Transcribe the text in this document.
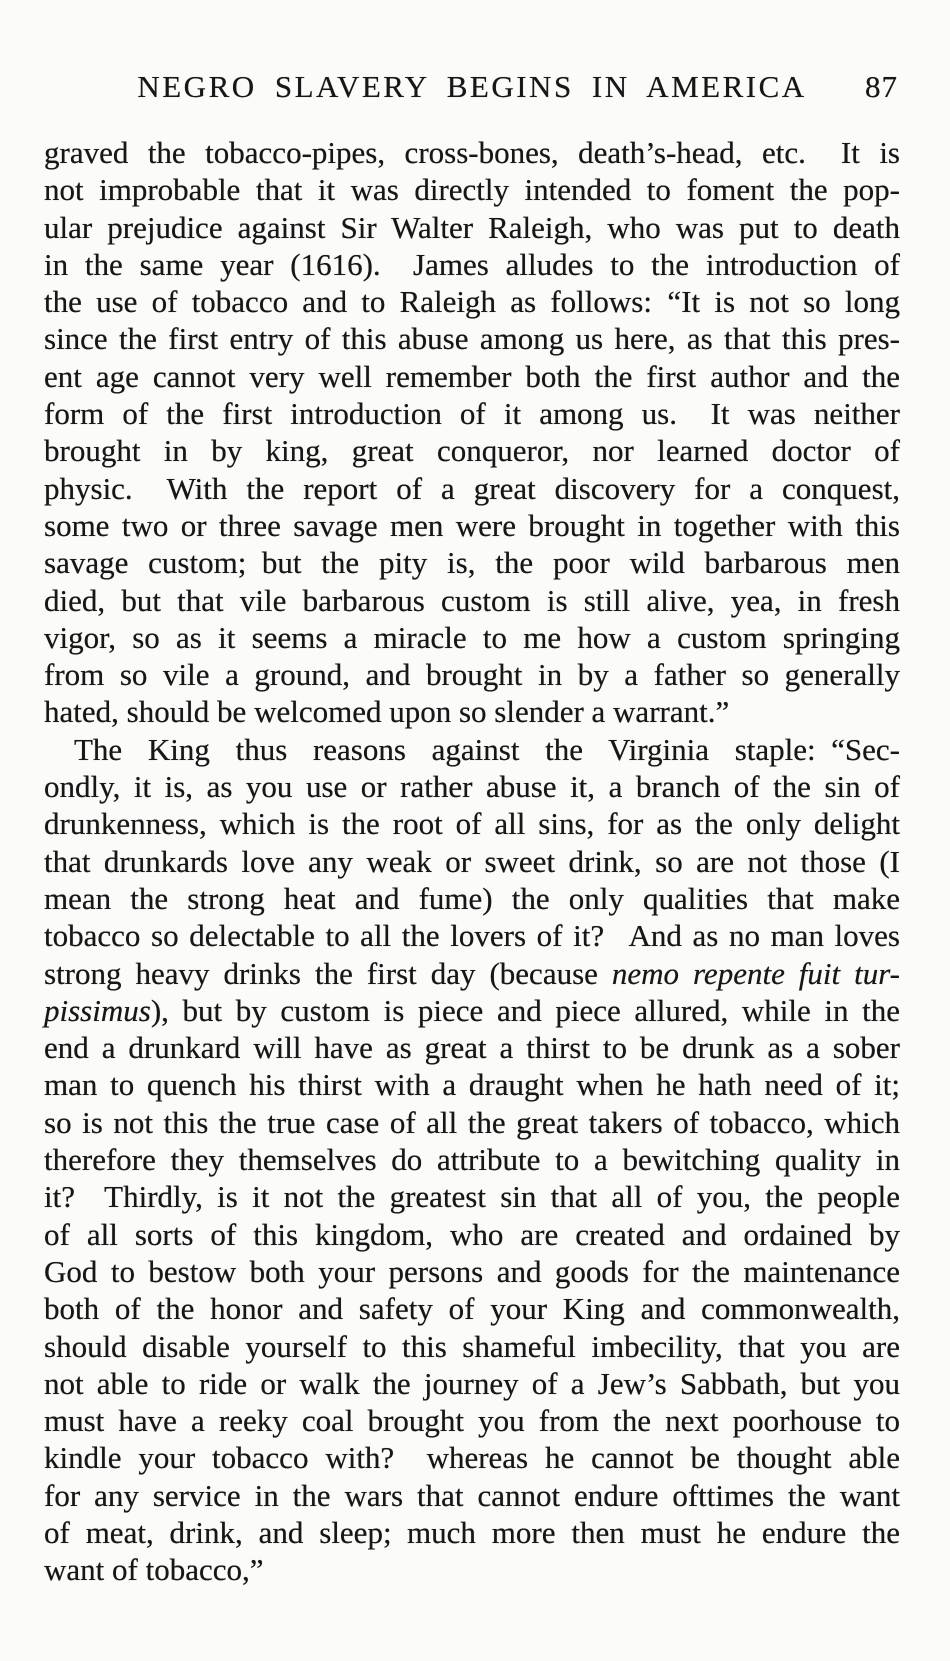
NEGRO SLAVERY BEGINS IN AMERICA	87
graved the tobacco-pipes, cross-bones, death’s-head, etc.  It is
not improbable that it was directly intended to foment the pop-
ular prejudice against Sir Walter Raleigh, who was put to death
in the same year (1616).  James alludes to the introduction of
the use of tobacco and to Raleigh as follows: “It is not so long
since the first entry of this abuse among us here, as that this pres-
ent age cannot very well remember both the first author and the
form of the first introduction of it among us.  It was neither
brought in by king, great conqueror, nor learned doctor of
physic.  With the report of a great discovery for a conquest,
some two or three savage men were brought in together with this
savage custom; but the pity is, the poor wild barbarous men
died, but that vile barbarous custom is still alive, yea, in fresh
vigor, so as it seems a miracle to me how a custom springing
from so vile a ground, and brought in by a father so generally
hated, should be welcomed upon so slender a warrant.”
The King thus reasons against the Virginia staple: “Sec-
ondly, it is, as you use or rather abuse it, a branch of the sin of
drunkenness, which is the root of all sins, for as the only delight
that drunkards love any weak or sweet drink, so are not those (I
mean the strong heat and fume) the only qualities that make
tobacco so delectable to all the lovers of it?  And as no man loves
strong heavy drinks the first day (because nemo repente fuit tur-
pissimus), but by custom is piece and piece allured, while in the
end a drunkard will have as great a thirst to be drunk as a sober
man to quench his thirst with a draught when he hath need of it;
so is not this the true case of all the great takers of tobacco, which
therefore they themselves do attribute to a bewitching quality in
it?  Thirdly, is it not the greatest sin that all of you, the people
of all sorts of this kingdom, who are created and ordained by
God to bestow both your persons and goods for the maintenance
both of the honor and safety of your King and commonwealth,
should disable yourself to this shameful imbecility, that you are
not able to ride or walk the journey of a Jew’s Sabbath, but you
must have a reeky coal brought you from the next poorhouse to
kindle your tobacco with?  whereas he cannot be thought able
for any service in the wars that cannot endure ofttimes the want
of meat, drink, and sleep; much more then must he endure the
want of tobacco,”
